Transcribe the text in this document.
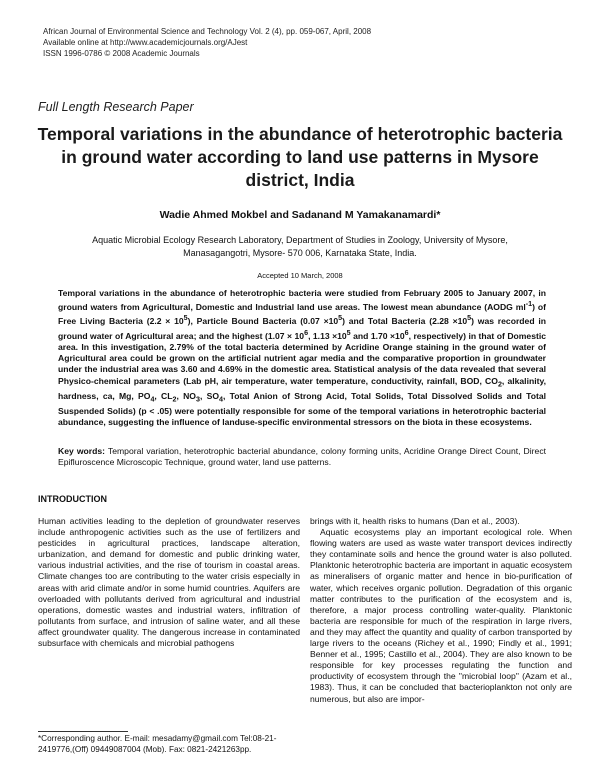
African Journal of Environmental Science and Technology Vol. 2 (4), pp. 059-067, April, 2008
Available online at http://www.academicjournals.org/AJest
ISSN 1996-0786 © 2008 Academic Journals
Full Length Research Paper
Temporal variations in the abundance of heterotrophic bacteria in ground water according to land use patterns in Mysore district, India
Wadie Ahmed Mokbel and Sadanand M Yamakanamardi*
Aquatic Microbial Ecology Research Laboratory, Department of Studies in Zoology, University of Mysore, Manasagangotri, Mysore- 570 006, Karnataka State, India.
Accepted 10 March, 2008

Temporal variations in the abundance of heterotrophic bacteria were studied from February 2005 to January 2007, in ground waters from Agricultural, Domestic and Industrial land use areas. The lowest mean abundance (AODG $ml^{-1}$) of Free Living Bacteria $(2.2 \times 10^5)$, Particle Bound Bacteria $(0.07 \times 10^5)$ and Total Bacteria $(2.28 \times 10^5)$ was recorded in ground water of Agricultural area; and the highest ($1.07 \times 10^6$, $1.13 \times 10^5$ and $1.70 \times 10^6$, respectively) in that of Domestic area. In this investigation, 2.79% of the total bacteria determined by Acridine Orange staining in the ground water of Agricultural area could be grown on the artificial nutrient agar media and the comparative proportion in groundwater under the industrial area was 3.60 and 4.69% in the domestic area. Statistical analysis of the data revealed that several Physico-chemical parameters (Lab pH, air temperature, water temperature, conductivity, rainfall, BOD, $CO_2$, alkalinity, hardness, ca, Mg, $PO_4$, $CL_2$, $NO_3$, $SO_4$, Total Anion of Strong Acid, Total Solids, Total Dissolved Solids and Total Suspended Solids) (p < .05) were potentially responsible for some of the temporal variations in heterotrophic bacterial abundance, suggesting the influence of landuse-specific environmental stressors on the biota in these ecosystems.

Key words: Temporal variation, heterotrophic bacterial abundance, colony forming units, Acridine Orange Direct Count, Direct Epifluroscence Microscopic Technique, ground water, land use patterns.
INTRODUCTION

Human activities leading to the depletion of groundwater reserves include anthropogenic activities such as the use of fertilizers and pesticides in agricultural practices, landscape alteration, urbanization, and demand for domestic and public drinking water, various industrial activities, and the rise of tourism in coastal areas. Climate changes too are contributing to the water crisis especially in areas with arid climate and/or in some humid countries. Aquifers are overloaded with pollutants derived from agricultural and industrial operations, domestic wastes and industrial waters, infiltration of pollutants from surface, and intrusion of saline water, and all these affect groundwater quality. The dangerous increase in contaminated subsurface with chemicals and microbial pathogens

brings with it, health risks to humans (Dan et al., 2003).

Aquatic ecosystems play an important ecological role. When flowing waters are used as waste water transport devices indirectly they contaminate soils and hence the ground water is also polluted. Planktonic heterotrophic bacteria are important in aquatic ecosystem as mineralisers of organic matter and hence in bio-purification of water, which receives organic pollution. Degradation of this organic matter contributes to the purification of the ecosystem and is, therefore, a major process controlling water-quality. Planktonic bacteria are responsible for much of the respiration in large rivers, and they may affect the quantity and quality of carbon transported by large rivers to the oceans (Richey et al., 1990; Findly et al., 1991; Benner et al., 1995; Castillo et al., 2004). They are also known to be responsible for key processes regulating the function and productivity of ecosystem through the "microbial loop" (Azam et al., 1983). Thus, it can be concluded that bacterioplankton not only are numerous, but also are impor-

*Corresponding author. E-mail: mesadamy@gmail.com Tel:08-21-2419776,(Off) 09449087004 (Mob). Fax: 0821-2421263pp.
